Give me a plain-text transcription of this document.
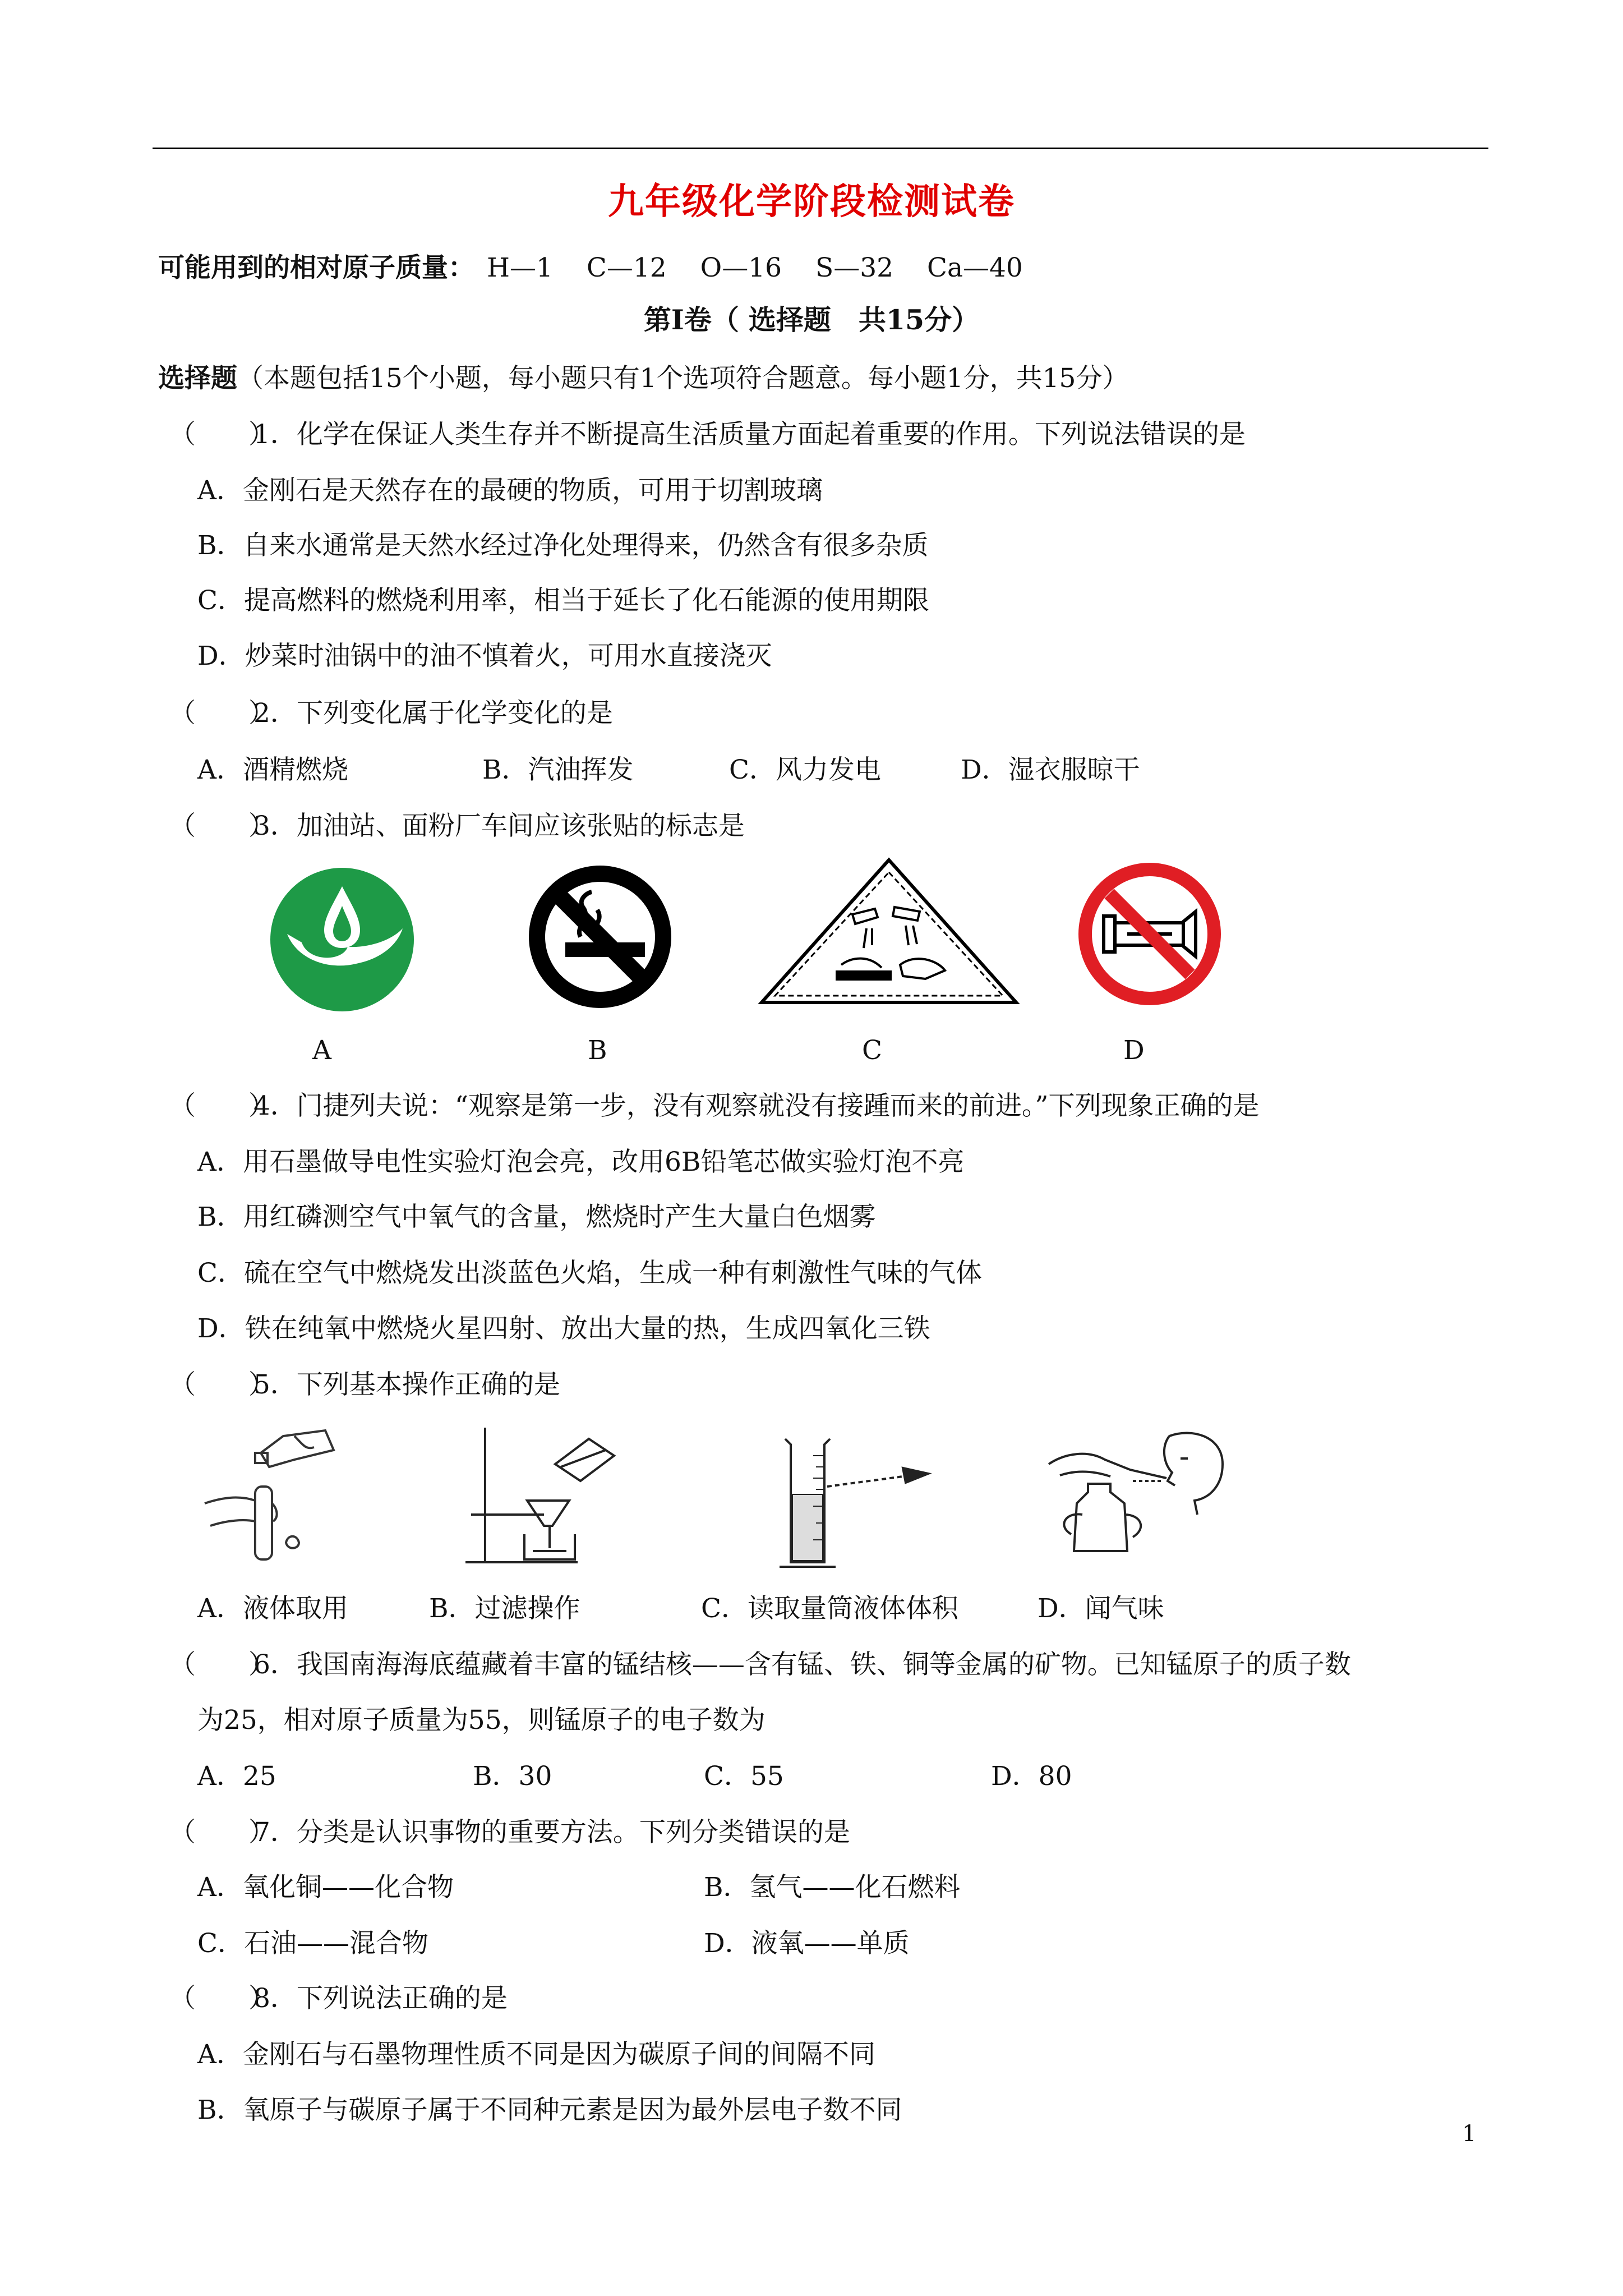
九年级化学阶段检测试卷
可能用到的相对原子质量： H—1 C—12 O—16 S—32 Ca—40
第Ⅰ卷（ 选择题　共15分）
选择题（本题包括15个小题，每小题只有1个选项符合题意。每小题1分，共15分）
（　　）1．化学在保证人类生存并不断提高生活质量方面起着重要的作用。下列说法错误的是
A．金刚石是天然存在的最硬的物质，可用于切割玻璃
B．自来水通常是天然水经过净化处理得来，仍然含有很多杂质
C．提高燃料的燃烧利用率，相当于延长了化石能源的使用期限
D．炒菜时油锅中的油不慎着火，可用水直接浇灭
（　　）2．下列变化属于化学变化的是
A．酒精燃烧	B．汽油挥发	C．风力发电	D．湿衣服晾干
（　　）3．加油站、面粉厂车间应该张贴的标志是
A	B	C	D
（　　）4．门捷列夫说：“观察是第一步，没有观察就没有接踵而来的前进。”下列现象正确的是
A．用石墨做导电性实验灯泡会亮，改用6B铅笔芯做实验灯泡不亮
B．用红磷测空气中氧气的含量，燃烧时产生大量白色烟雾
C．硫在空气中燃烧发出淡蓝色火焰，生成一种有刺激性气味的气体
D．铁在纯氧中燃烧火星四射、放出大量的热，生成四氧化三铁
（　　）5．下列基本操作正确的是
A．液体取用	B．过滤操作	C．读取量筒液体体积	D．闻气味
（　　）6．我国南海海底蕴藏着丰富的锰结核——含有锰、铁、铜等金属的矿物。已知锰原子的质子数
为25，相对原子质量为55，则锰原子的电子数为
A．25	B．30	C．55	D．80
（　　）7．分类是认识事物的重要方法。下列分类错误的是
A．氧化铜——化合物	B．氢气——化石燃料
C．石油——混合物	D．液氧——单质
（　　）8．下列说法正确的是
A．金刚石与石墨物理性质不同是因为碳原子间的间隔不同
B．氧原子与碳原子属于不同种元素是因为最外层电子数不同
1
